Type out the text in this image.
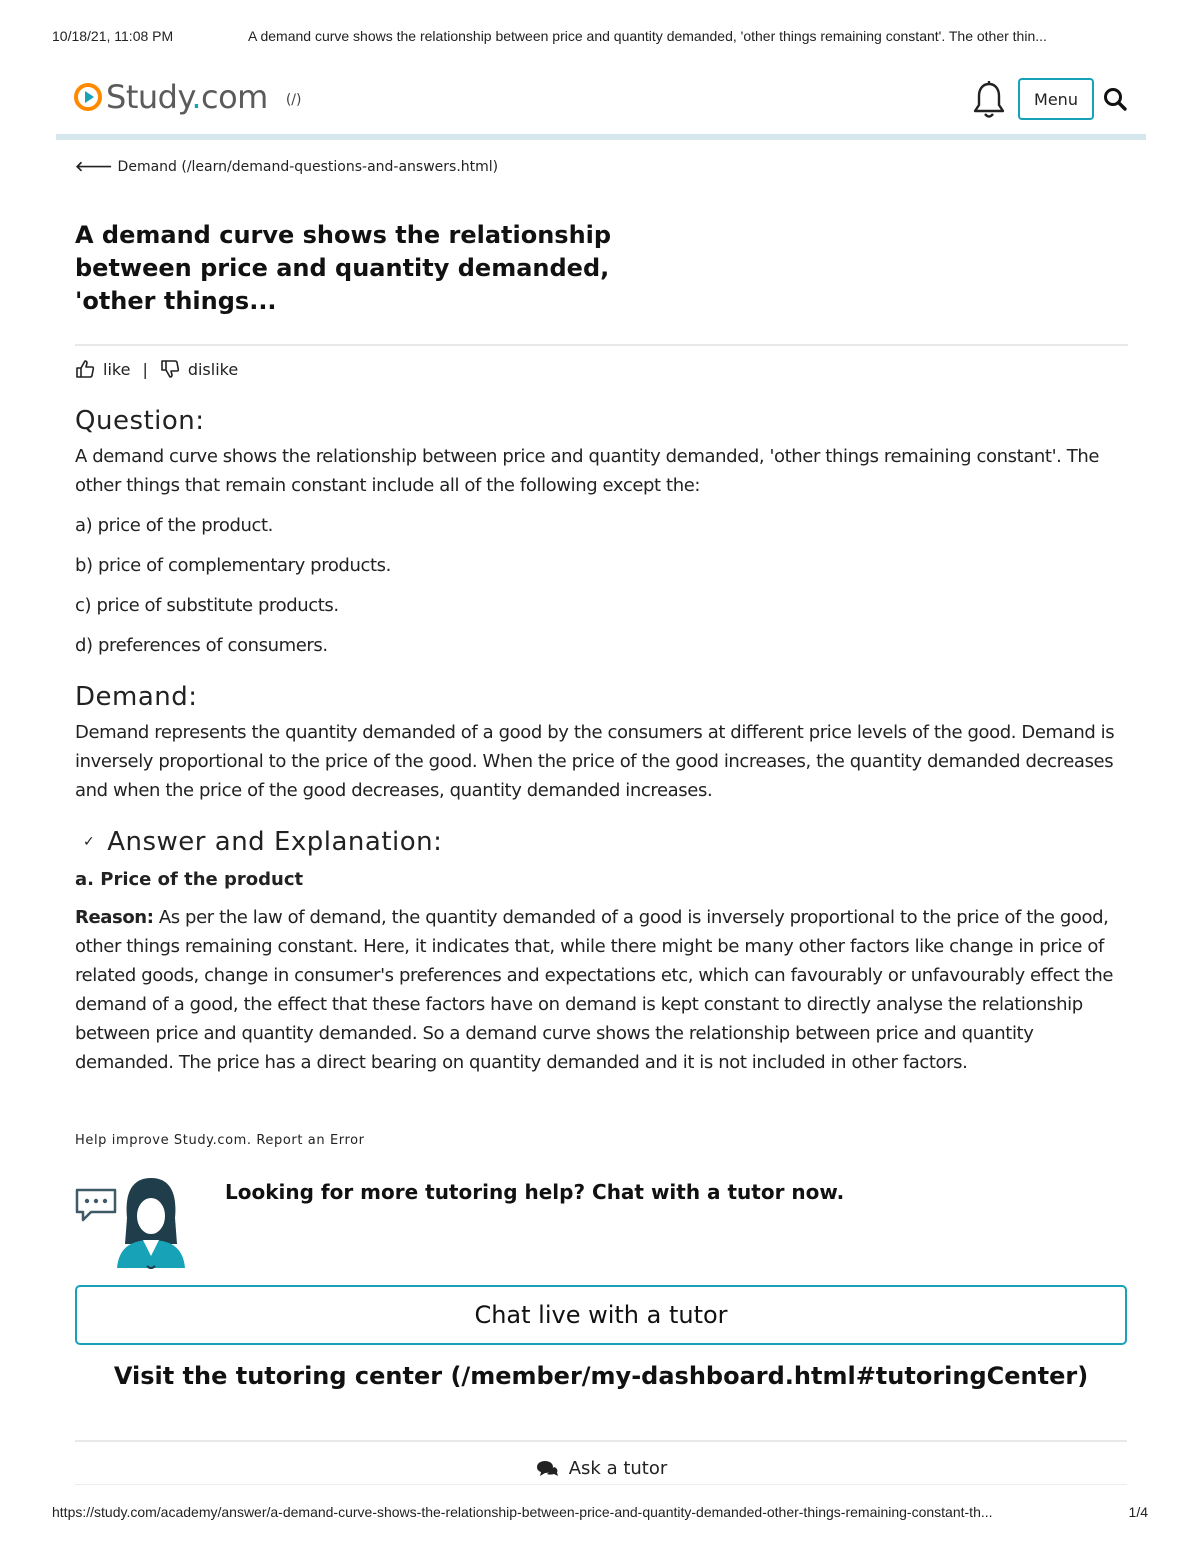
10/18/21, 11:08 PM	A demand curve shows the relationship between price and quantity demanded, 'other things remaining constant'. The other thin...
Study.com (/)	Menu
🡐 Demand (/learn/demand-questions-and-answers.html)
A demand curve shows the relationship between price and quantity demanded, 'other things...
like |	dislike
Question:

A demand curve shows the relationship between price and quantity demanded, 'other things remaining constant'. The other things that remain constant include all of the following except the:

a) price of the product.
b) price of complementary products.
c) price of substitute products.
d) preferences of consumers.
Demand:

Demand represents the quantity demanded of a good by the consumers at different price levels of the good. Demand is inversely proportional to the price of the good. When the price of the good increases, the quantity demanded decreases and when the price of the good decreases, quantity demanded increases.

✓ Answer and Explanation:
a. Price of the product

Reason: As per the law of demand, the quantity demanded of a good is inversely proportional to the price of the good, other things remaining constant. Here, it indicates that, while there might be many other factors like change in price of related goods, change in consumer's preferences and expectations etc, which can favourably or unfavourably effect the demand of a good, the effect that these factors have on demand is kept constant to directly analyse the relationship between price and quantity demanded. So a demand curve shows the relationship between price and quantity demanded. The price has a direct bearing on quantity demanded and it is not included in other factors.

Help improve Study.com. Report an Error
Looking for more tutoring help? Chat with a tutor now.
Chat live with a tutor
Visit the tutoring center (/member/my-dashboard.html#tutoringCenter)
Ask a tutor
https://study.com/academy/answer/a-demand-curve-shows-the-relationship-between-price-and-quantity-demanded-other-things-remaining-constant-th...	1/4
